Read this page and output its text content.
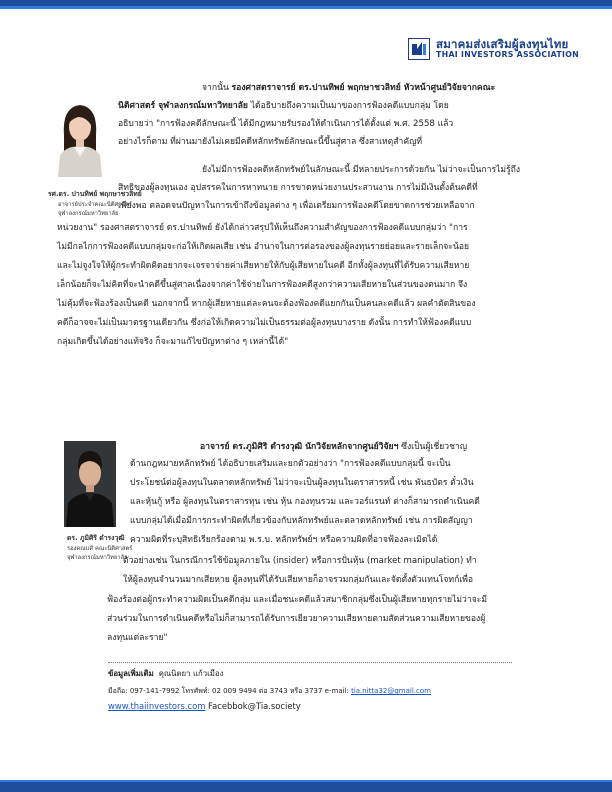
สมาคมส่งเสริมผู้ลงทุนไทย
THAI INVESTORS ASSOCIATION
รศ.ดร. ปานทิพย์ พฤกษาชวลิทย์
อาจารย์ประจำคณะนิติศาสตร์
จุฬาลงกรณ์มหาวิทยาลัย
จากนั้น รองศาสตราจารย์ ดร.ปานทิพย์ พฤกษาชวลิทย์ หัวหน้าศูนย์วิจัยจากคณะ
นิติศาสตร์ จุฬาลงกรณ์มหาวิทยาลัย ได้อธิบายถึงความเป็นมาของการฟ้องคดีแบบกลุ่ม โดย
อธิบายว่า "การฟ้องคดีลักษณะนี้ ได้มีกฎหมายรับรองให้ดำเนินการได้ตั้งแต่ พ.ศ. 2558 แล้ว
อย่างไรก็ตาม ที่ผ่านมายังไม่เคยมีคดีหลักทรัพย์ลักษณะนี้ขึ้นสู่ศาล ซึ่งสาเหตุสำคัญที่
ยังไม่มีการฟ้องคดีหลักทรัพย์ในลักษณะนี้ มีหลายประการด้วยกัน ไม่ว่าจะเป็นการไม่รู้ถึง
สิทธิของผู้ลงทุนเอง อุปสรรคในการหาทนาย การขาดหน่วยงานประสานงาน การไม่มีเงินตั้งต้นคดีที่
เพียงพอ ตลอดจนปัญหาในการเข้าถึงข้อมูลต่าง ๆ เพื่อเตรียมการฟ้องคดีโดยขาดการช่วยเหลือจาก
หน่วยงาน" รองศาสตราจารย์ ดร.ปานทิพย์ ยังได้กล่าวสรุปให้เห็นถึงความสำคัญของการฟ้องคดีแบบกลุ่มว่า "การ
ไม่มีกลไกการฟ้องคดีแบบกลุ่มจะก่อให้เกิดผลเสีย เช่น อำนาจในการต่อรองของผู้ลงทุนรายย่อยและรายเล็กจะน้อย
และไม่จูงใจให้ผู้กระทำผิดคิดอยากจะเจรจาจ่ายค่าเสียหายให้กับผู้เสียหายในคดี อีกทั้งผู้ลงทุนที่ได้รับความเสียหาย
เล็กน้อยก็จะไม่คิดที่จะนำคดีขึ้นสู่ศาลเนื่องจากค่าใช้จ่ายในการฟ้องคดีสูงกว่าความเสียหายในส่วนของตนมาก จึง
ไม่คุ้มที่จะฟ้องร้องเป็นคดี นอกจากนี้ หากผู้เสียหายแต่ละคนจะต้องฟ้องคดีแยกกันเป็นคนละคดีแล้ว ผลคำตัดสินของ
คดีก็อาจจะไม่เป็นมาตรฐานเดียวกัน ซึ่งก่อให้เกิดความไม่เป็นธรรมต่อผู้ลงทุนบางราย ดังนั้น การทำให้ฟ้องคดีแบบ
กลุ่มเกิดขึ้นได้อย่างแท้จริง ก็จะมาแก้ไขปัญหาต่าง ๆ เหล่านี้ได้"
ดร. ภูมิศิริ ดำรงวุฒิ
รองคณบดี คณะนิติศาสตร์
จุฬาลงกรณ์มหาวิทยาลัย
อาจารย์ ดร.ภูมิศิริ ดำรงวุฒิ นักวิจัยหลักจากศูนย์วิจัยฯ ซึ่งเป็นผู้เชี่ยวชาญ
ด้านกฎหมายหลักทรัพย์ ได้อธิบายเสริมและยกตัวอย่างว่า "การฟ้องคดีแบบกลุ่มนี้ จะเป็น
ประโยชน์ต่อผู้ลงทุนในตลาดหลักทรัพย์ ไม่ว่าจะเป็นผู้ลงทุนในตราสารหนี้ เช่น พันธบัตร ตั๋วเงิน
และหุ้นกู้ หรือ ผู้ลงทุนในตราสารทุน เช่น หุ้น กองทุนรวม และวอร์แรนท์ ต่างก็สามารถดำเนินคดี
แบบกลุ่มได้เมื่อมีการกระทำผิดที่เกี่ยวข้องกับหลักทรัพย์และตลาดหลักทรัพย์ เช่น การผิดสัญญา
ความผิดที่ระบุสิทธิเรียกร้องตาม พ.ร.บ. หลักทรัพย์ฯ หรือความผิดที่อาจฟ้องละเมิดได้
ตัวอย่างเช่น ในกรณีการใช้ข้อมูลภายใน (insider) หรือการปั่นหุ้น (market manipulation) ทำ
ให้ผู้ลงทุนจำนวนมากเสียหาย ผู้ลงทุนที่ได้รับเสียหายก็อาจรวมกลุ่มกันและจัดตั้งตัวแทนโจทก์เพื่อ
ฟ้องร้องต่อผู้กระทำความผิดเป็นคดีกลุ่ม และเมื่อชนะคดีแล้วสมาชิกกลุ่มซึ่งเป็นผู้เสียหายทุกรายไม่ว่าจะมี
ส่วนร่วมในการดำเนินคดีหรือไม่ก็สามารถได้รับการเยียวยาความเสียหายตามสัดส่วนความเสียหายของผู้
ลงทุนแต่ละราย"
ข้อมูลเพิ่มเติม คุณนิตยา แก้วเมือง
มือถือ: 097-141-7992 โทรศัพท์: 02 009 9494 ต่อ 3743 หรือ 3737 e-mail: tia.nitta32@gmail.com
www.thaiinvestors.com Facebbok@Tia.society
